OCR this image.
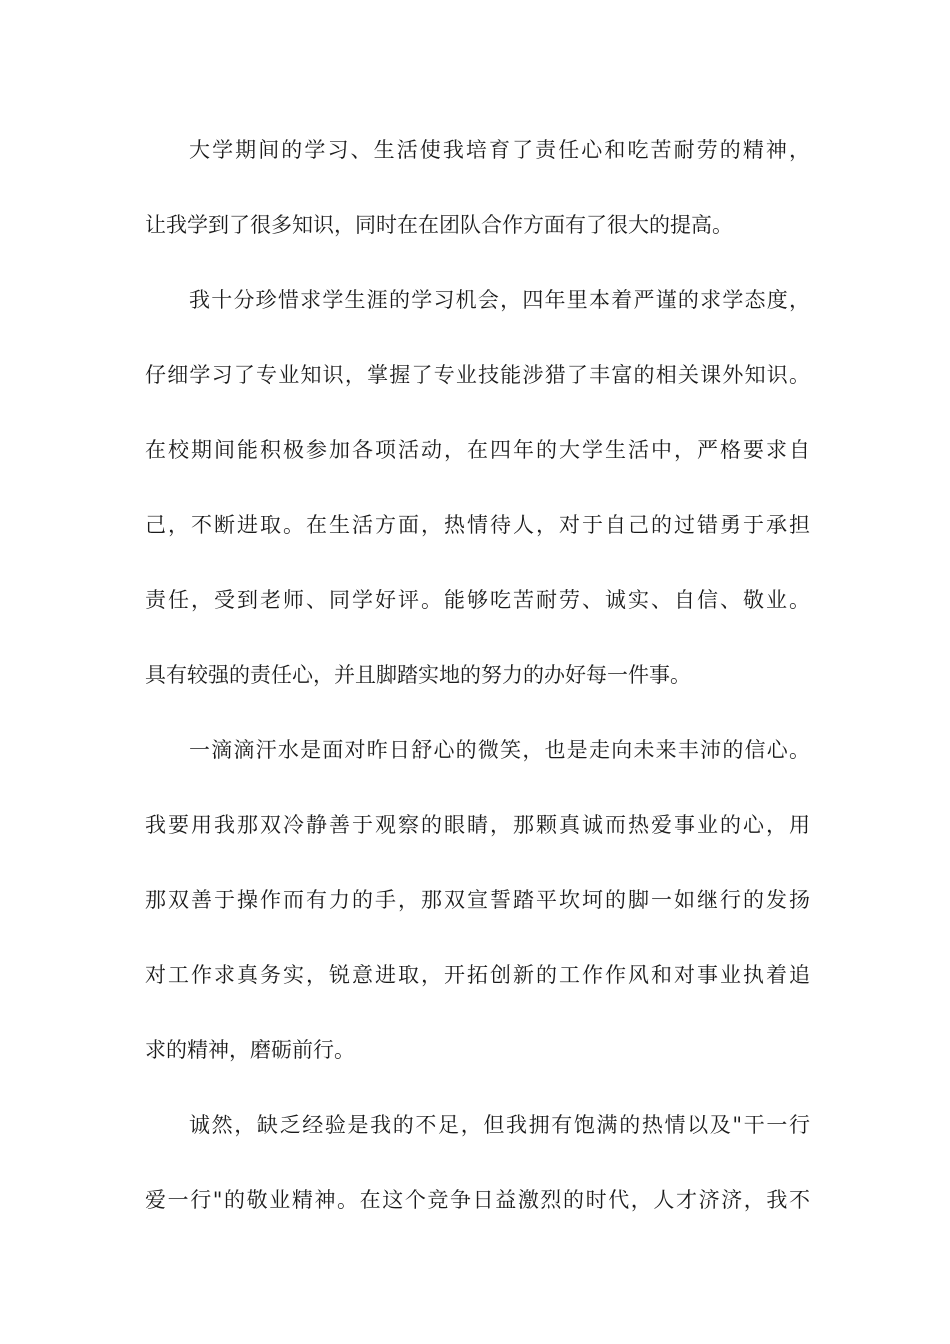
大学期间的学习、生活使我培育了责任心和吃苦耐劳的精神，
让我学到了很多知识，同时在在团队合作方面有了很大的提高。
我十分珍惜求学生涯的学习机会，四年里本着严谨的求学态度，
仔细学习了专业知识，掌握了专业技能涉猎了丰富的相关课外知识。
在校期间能积极参加各项活动，在四年的大学生活中，严格要求自
己，不断进取。在生活方面，热情待人，对于自己的过错勇于承担
责任，受到老师、同学好评。能够吃苦耐劳、诚实、自信、敬业。
具有较强的责任心，并且脚踏实地的努力的办好每一件事。
一滴滴汗水是面对昨日舒心的微笑，也是走向未来丰沛的信心。
我要用我那双冷静善于观察的眼睛，那颗真诚而热爱事业的心，用
那双善于操作而有力的手，那双宣誓踏平坎坷的脚一如继行的发扬
对工作求真务实，锐意进取，开拓创新的工作作风和对事业执着追
求的精神，磨砺前行。
诚然，缺乏经验是我的不足，但我拥有饱满的热情以及"干一行
爱一行"的敬业精神。在这个竞争日益激烈的时代，人才济济，我不
